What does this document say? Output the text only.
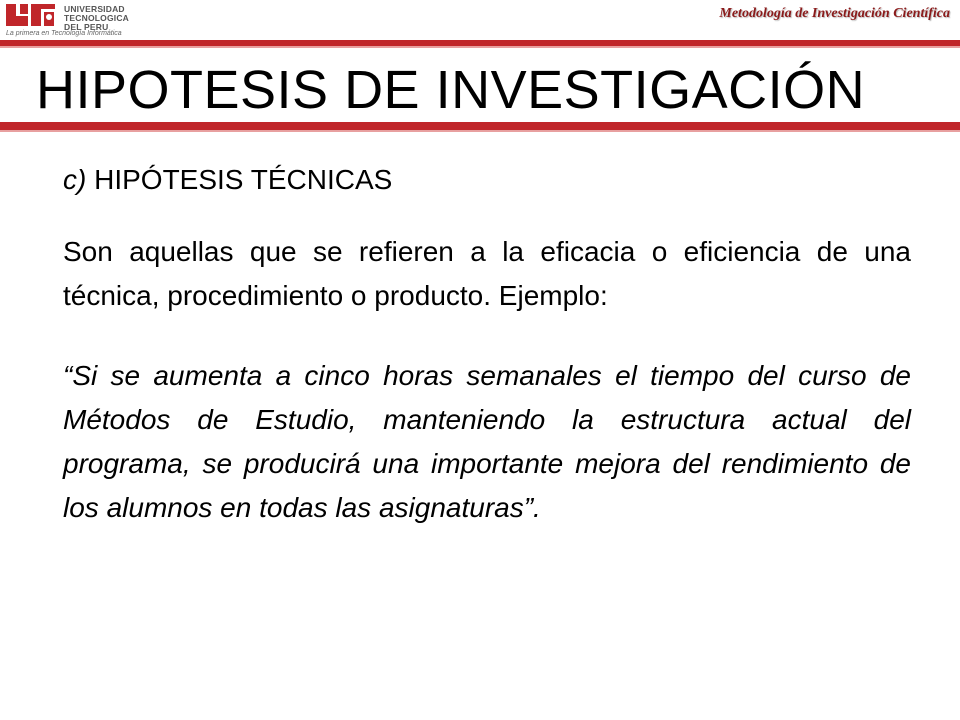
UNIVERSIDAD
TECNOLOGICA
DEL PERU
La primera en Tecnología Informática
Metodología de Investigación Científica
HIPOTESIS DE INVESTIGACIÓN
c) HIPÓTESIS TÉCNICAS

Son aquellas que se refieren a la eficacia o eficiencia de una técnica, procedimiento o producto. Ejemplo:

“Si se aumenta a cinco horas semanales el tiempo del curso de Métodos de Estudio, manteniendo la estructura actual del programa, se producirá una importante mejora del rendimiento de los alumnos en todas las asignaturas”.
